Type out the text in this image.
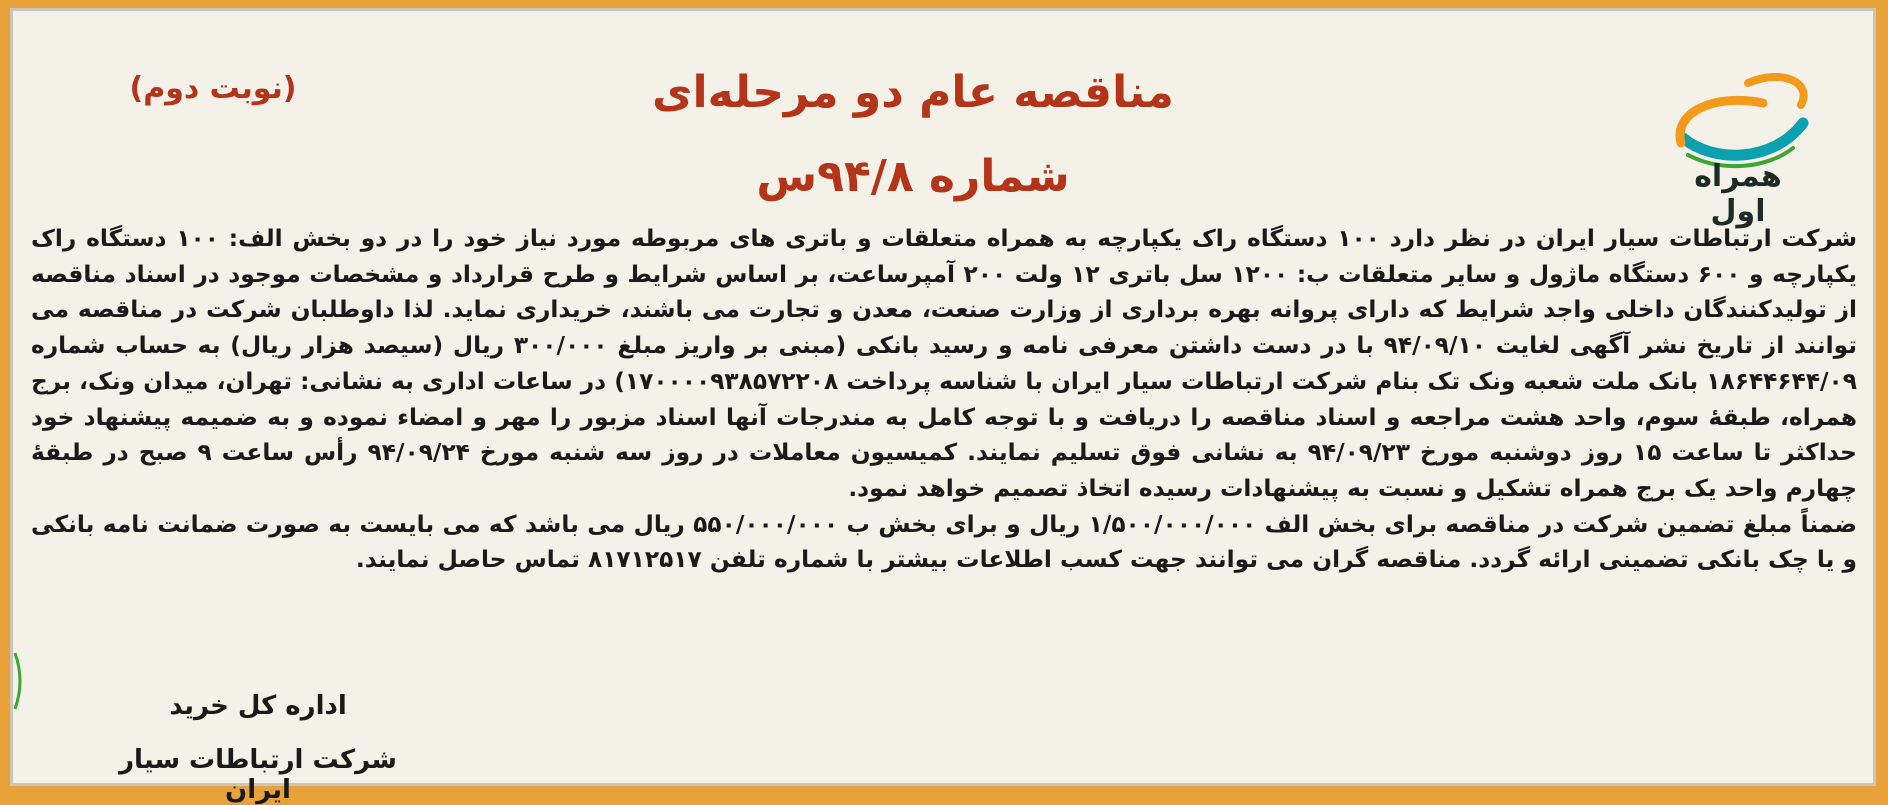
همراه اول
مناقصه عام دو مرحله‌ای
شماره ۹۴/۸س
(نوبت دوم)

شرکت ارتباطات سیار ایران در نظر دارد ۱۰۰ دستگاه راک یکپارچه به همراه متعلقات و باتری های مربوطه مورد نیاز خود را در دو بخش الف: ۱۰۰ دستگاه راک یکپارچه و ۶۰۰ دستگاه ماژول و سایر متعلقات ب: ۱۲۰۰ سل باتری ۱۲ ولت ۲۰۰ آمپرساعت، بر اساس شرایط و طرح قرارداد و مشخصات موجود در اسناد مناقصه از تولیدکنندگان داخلی واجد شرایط که دارای پروانه بهره برداری از وزارت صنعت، معدن و تجارت می باشند، خریداری نماید. لذا داوطلبان شرکت در مناقصه می توانند از تاریخ نشر آگهی لغایت ۹۴/۰۹/۱۰ با در دست داشتن معرفی نامه و رسید بانکی (مبنی بر واریز مبلغ ۳۰۰/۰۰۰ ریال (سیصد هزار ریال) به حساب شماره ۱۸۶۴۴۶۴۴/۰۹ بانک ملت شعبه ونک تک بنام شرکت ارتباطات سیار ایران با شناسه پرداخت ۱۷۰۰۰۰۹۳۸۵۷۲۲۰۸) در ساعات اداری به نشانی: تهران، میدان ونک، برج همراه، طبقهٔ سوم، واحد هشت مراجعه و اسناد مناقصه را دریافت و با توجه کامل به مندرجات آنها اسناد مزبور را مهر و امضاء نموده و به ضمیمه پیشنهاد خود حداکثر تا ساعت ۱۵ روز دوشنبه مورخ ۹۴/۰۹/۲۳ به نشانی فوق تسلیم نمایند. کمیسیون معاملات در روز سه شنبه مورخ ۹۴/۰۹/۲۴ رأس ساعت ۹ صبح در طبقهٔ چهارم واحد یک برج همراه تشکیل و نسبت به پیشنهادات رسیده اتخاذ تصمیم خواهد نمود.

ضمناً مبلغ تضمین شرکت در مناقصه برای بخش الف ۱/۵۰۰/۰۰۰/۰۰۰ ریال و برای بخش ب ۵۵۰/۰۰۰/۰۰۰ ریال می باشد که می بایست به صورت ضمانت نامه بانکی و یا چک بانکی تضمینی ارائه گردد. مناقصه گران می توانند جهت کسب اطلاعات بیشتر با شماره تلفن ۸۱۷۱۲۵۱۷ تماس حاصل نمایند.

اداره کل خرید
شرکت ارتباطات سیار ایران
